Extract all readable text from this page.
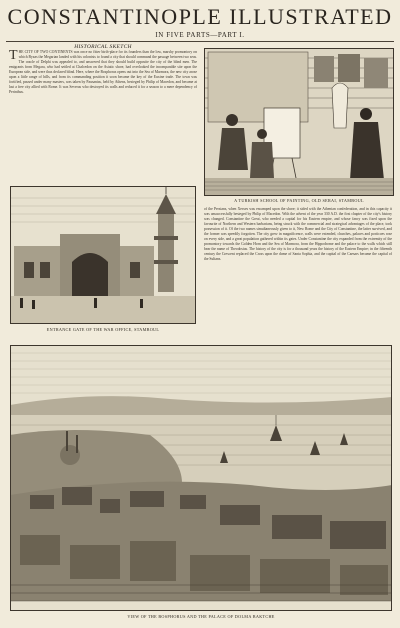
CONSTANTINOPLE ILLUSTRATED
IN FIVE PARTS—PART I.
HISTORICAL SKETCH

THE CITY OF TWO CONTINENTS was once no fitter birth-place for its founders than the low, marshy promontory on which Byzas the Megarian landed with his colonists to found a city that should command the passage between two seas. The oracle of Delphi was appealed to, and answered that they should build opposite the city of the blind men. The emigrants from Megara, who had settled at Chalcedon on the Asiatic shore, had overlooked the incomparable site upon the European side, and were thus declared blind. Here, where the Bosphorus opens out into the Sea of Marmora, the new city arose upon a little range of hills, and from its commanding position it soon became the key of the Euxine trade. The town was fortified, passed under many masters, was taken by Pausanias, held by Athens, besieged by Philip of Macedon, and became at last a free city allied with Rome. It was Severus who destroyed its walls and reduced it for a season to a mere dependency of Perinthus.

A TURKISH SCHOOL OF PAINTING, OLD SERAI, STAMBOUL
ENTRANCE GATE OF THE WAR OFFICE, STAMBOUL

of the Persians, when Xerxes was encamped upon the shore; it sided with the Athenian confederation, and in this capacity it was unsuccessfully besieged by Philip of Macedon. With the advent of the year 330 A.D. the first chapter of the city's history was changed. Constantine the Great, who needed a capital for his Eastern empire, and whose fancy was fixed upon the favourite of Northern and Western barbarians, being struck with the commercial and strategical advantages of the place, took possession of it. Of the two names simultaneously given to it, New Rome and the City of Constantine, the latter survived, and the former was speedily forgotten. The city grew in magnificence, walls were extended, churches, palaces and porticoes rose on every side, and a great population gathered within its gates. Under Constantine the city expanded from the extremity of the promontory towards the Golden Horn and the Sea of Marmora, from the Hippodrome and the palace to the walls which still bear the name of Theodosius. The history of the city is for a thousand years the history of the Eastern Empire; in the fifteenth century the Crescent replaced the Cross upon the dome of Santa Sophia, and the capital of the Caesars became the capital of the Sultans.

VIEW OF THE BOSPHORUS AND THE PALACE OF DOLMA BAKTCHE
